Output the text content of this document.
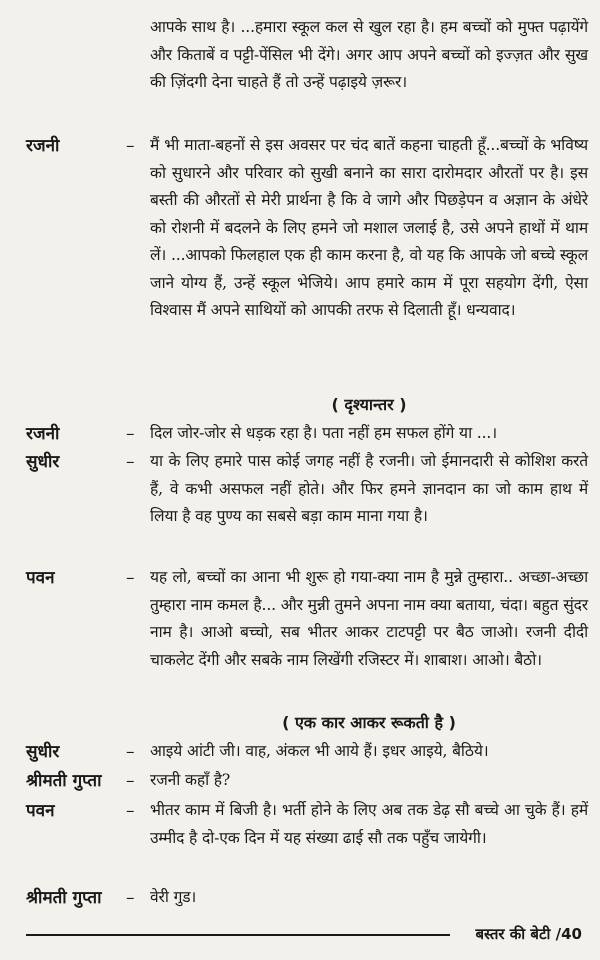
आपके साथ है। ...हमारा स्कूल कल से खुल रहा है। हम बच्चों को मुफ्त पढ़ायेंगे और किताबें व पट्टी-पेंसिल भी देंगे। अगर आप अपने बच्चों को इज्ज़त और सुख की ज़िंदगी देना चाहते हैं तो उन्हें पढ़ाइये ज़रूर।
रजनी	– मैं भी माता-बहनों से इस अवसर पर चंद बातें कहना चाहती हूँ...बच्चों के भविष्य को सुधारने और परिवार को सुखी बनाने का सारा दारोमदार औरतों पर है। इस बस्ती की औरतों से मेरी प्रार्थना है कि वे जागे और पिछड़ेपन व अज्ञान के अंधेरे को रोशनी में बदलने के लिए हमने जो मशाल जलाई है, उसे अपने हाथों में थाम लें। ...आपको फिलहाल एक ही काम करना है, वो यह कि आपके जो बच्चे स्कूल जाने योग्य हैं, उन्हें स्कूल भेजिये। आप हमारे काम में पूरा सहयोग देंगी, ऐसा विश्वास मैं अपने साथियों को आपकी तरफ से दिलाती हूँ। धन्यवाद।
( दृश्यान्तर )
रजनी	– दिल जोर-जोर से धड़क रहा है। पता नहीं हम सफल होंगे या ...।
सुधीर	– या के लिए हमारे पास कोई जगह नहीं है रजनी। जो ईमानदारी से कोशिश करते हैं, वे कभी असफल नहीं होते। और फिर हमने ज्ञानदान का जो काम हाथ में लिया है वह पुण्य का सबसे बड़ा काम माना गया है।
पवन	– यह लो, बच्चों का आना भी शुरू हो गया-क्या नाम है मुन्ने तुम्हारा.. अच्छा-अच्छा तुम्हारा नाम कमल है... और मुन्नी तुमने अपना नाम क्या बताया, चंदा। बहुत सुंदर नाम है। आओ बच्चो, सब भीतर आकर टाटपट्टी पर बैठ जाओ। रजनी दीदी चाकलेट देंगी और सबके नाम लिखेंगी रजिस्टर में। शाबाश। आओ। बैठो।
( एक कार आकर रूकती है )
सुधीर	– आइये आंटी जी। वाह, अंकल भी आये हैं। इधर आइये, बैठिये।
श्रीमती गुप्ता	– रजनी कहाँ है?
पवन	– भीतर काम में बिजी है। भर्ती होने के लिए अब तक डेढ़ सौ बच्चे आ चुके हैं। हमें उम्मीद है दो-एक दिन में यह संख्या ढाई सौ तक पहुँच जायेगी।
श्रीमती गुप्ता	– वेरी गुड।
बस्तर की बेटी /40
